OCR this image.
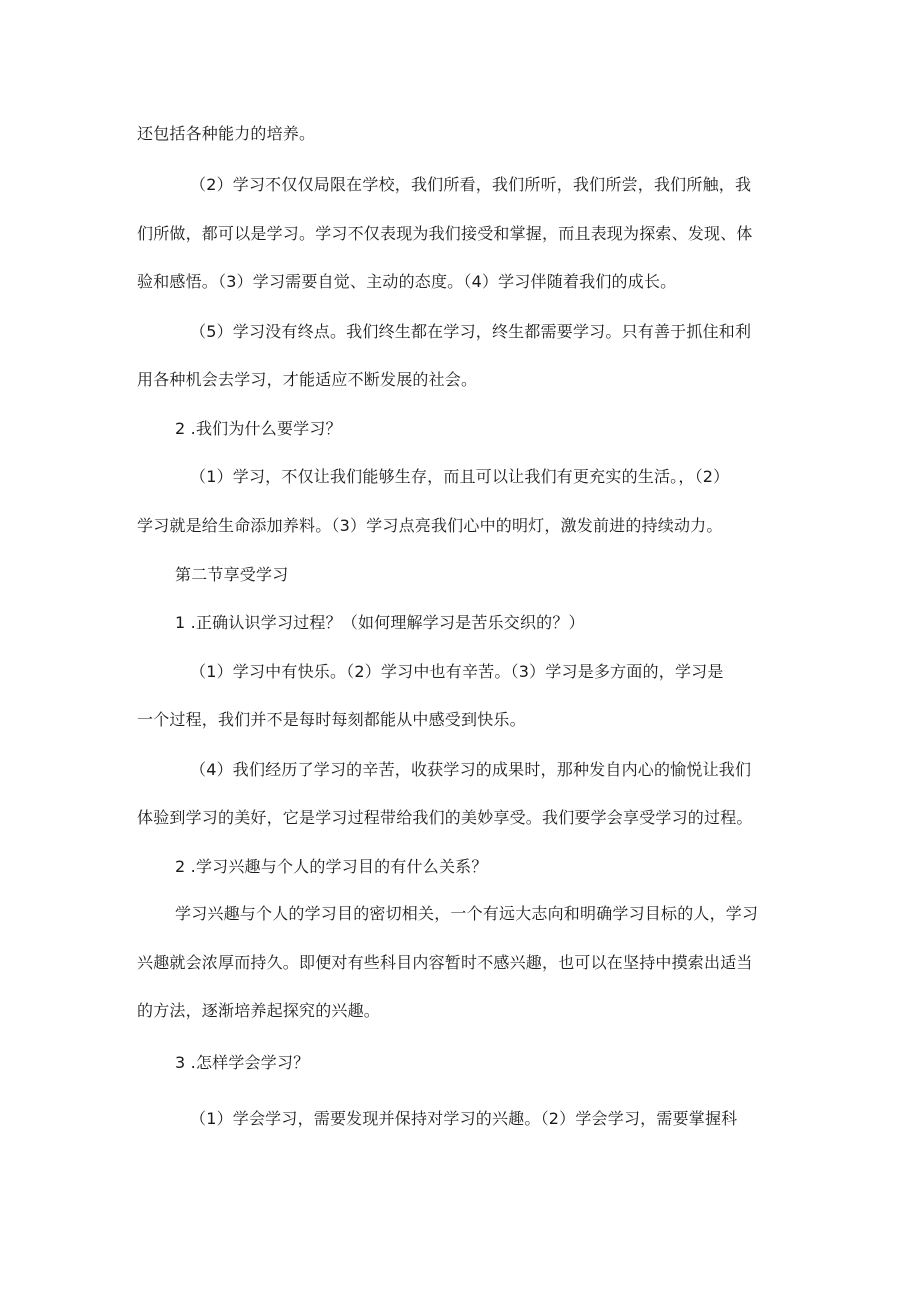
还包括各种能力的培养。
（2）学习不仅仅局限在学校，我们所看，我们所听，我们所尝，我们所触，我
们所做，都可以是学习。学习不仅表现为我们接受和掌握，而且表现为探索、发现、体
验和感悟。（3）学习需要自觉、主动的态度。（4）学习伴随着我们的成长。
（5）学习没有终点。我们终生都在学习，终生都需要学习。只有善于抓住和利
用各种机会去学习，才能适应不断发展的社会。
2 .我们为什么要学习？
（1）学习，不仅让我们能够生存，而且可以让我们有更充实的生活。，（2）
学习就是给生命添加养料。（3）学习点亮我们心中的明灯，激发前进的持续动力。
第二节享受学习
1 .正确认识学习过程？（如何理解学习是苦乐交织的？）
（1）学习中有快乐。（2）学习中也有辛苦。（3）学习是多方面的，学习是
一个过程，我们并不是每时每刻都能从中感受到快乐。
（4）我们经历了学习的辛苦，收获学习的成果时，那种发自内心的愉悦让我们
体验到学习的美好，它是学习过程带给我们的美妙享受。我们要学会享受学习的过程。
2 .学习兴趣与个人的学习目的有什么关系？
学习兴趣与个人的学习目的密切相关，一个有远大志向和明确学习目标的人，学习
兴趣就会浓厚而持久。即便对有些科目内容暂时不感兴趣，也可以在坚持中摸索出适当
的方法，逐渐培养起探究的兴趣。
3 .怎样学会学习？
（1）学会学习，需要发现并保持对学习的兴趣。（2）学会学习，需要掌握科
